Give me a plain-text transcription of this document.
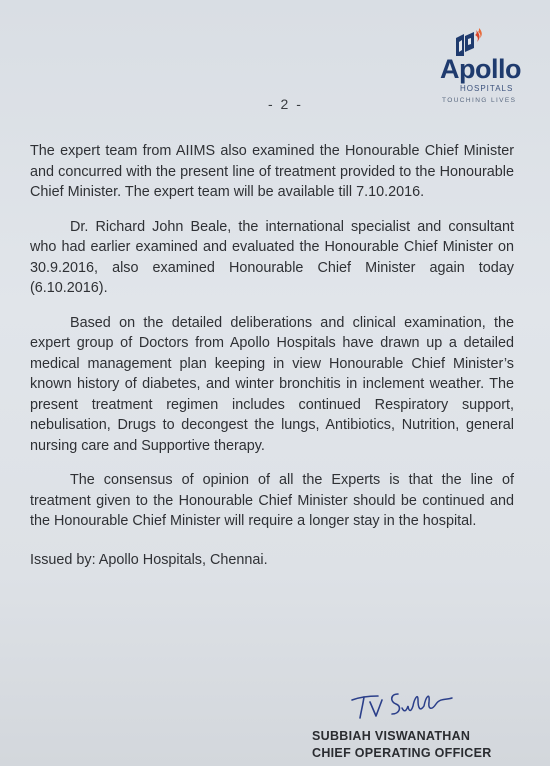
Apollo
HOSPITALS
TOUCHING LIVES
- 2 -

The expert team from AIIMS also examined the Honourable Chief Minister and concurred with the present line of treatment provided to the Honourable Chief Minister. The expert team will be available till 7.10.2016.

Dr. Richard John Beale, the international specialist and consultant who had earlier examined and evaluated the Honourable Chief Minister on 30.9.2016, also examined Honourable Chief Minister again today (6.10.2016).

Based on the detailed deliberations and clinical examination, the expert group of Doctors from Apollo Hospitals have drawn up a detailed medical management plan keeping in view Honourable Chief Minister’s known history of diabetes, and winter bronchitis in inclement weather. The present treatment regimen includes continued Respiratory support, nebulisation, Drugs to decongest the lungs, Antibiotics, Nutrition, general nursing care and Supportive therapy.

The consensus of opinion of all the Experts is that the line of treatment given to the Honourable Chief Minister should be continued and the Honourable Chief Minister will require a longer stay in the hospital.

Issued by: Apollo Hospitals, Chennai.

SUBBIAH VISWANATHAN
CHIEF OPERATING OFFICER
